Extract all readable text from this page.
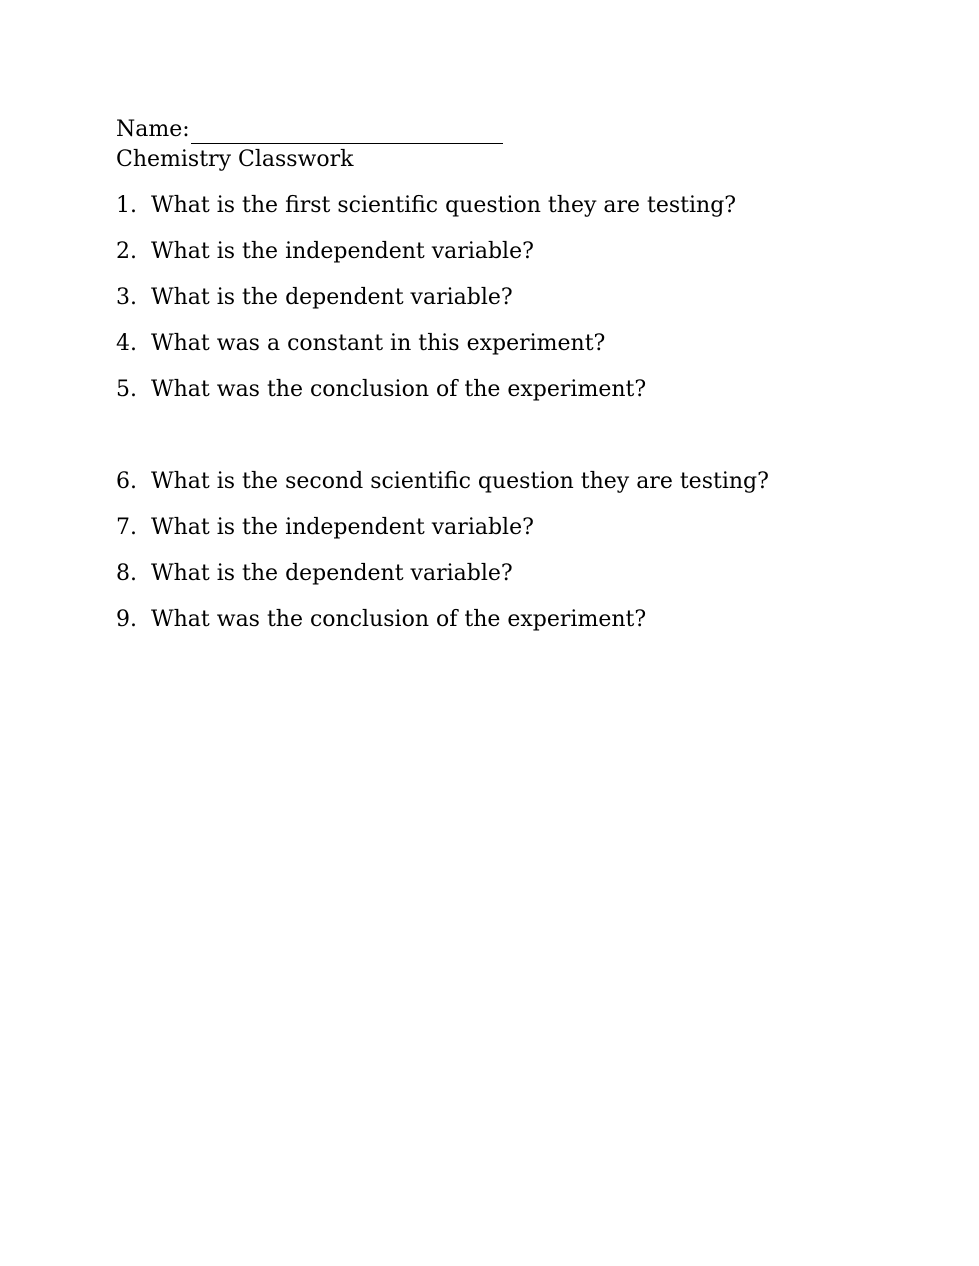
Name:
Chemistry Classwork
1. What is the first scientific question they are testing?
2. What is the independent variable?
3. What is the dependent variable?
4. What was a constant in this experiment?
5. What was the conclusion of the experiment?
6. What is the second scientific question they are testing?
7. What is the independent variable?
8. What is the dependent variable?
9. What was the conclusion of the experiment?
